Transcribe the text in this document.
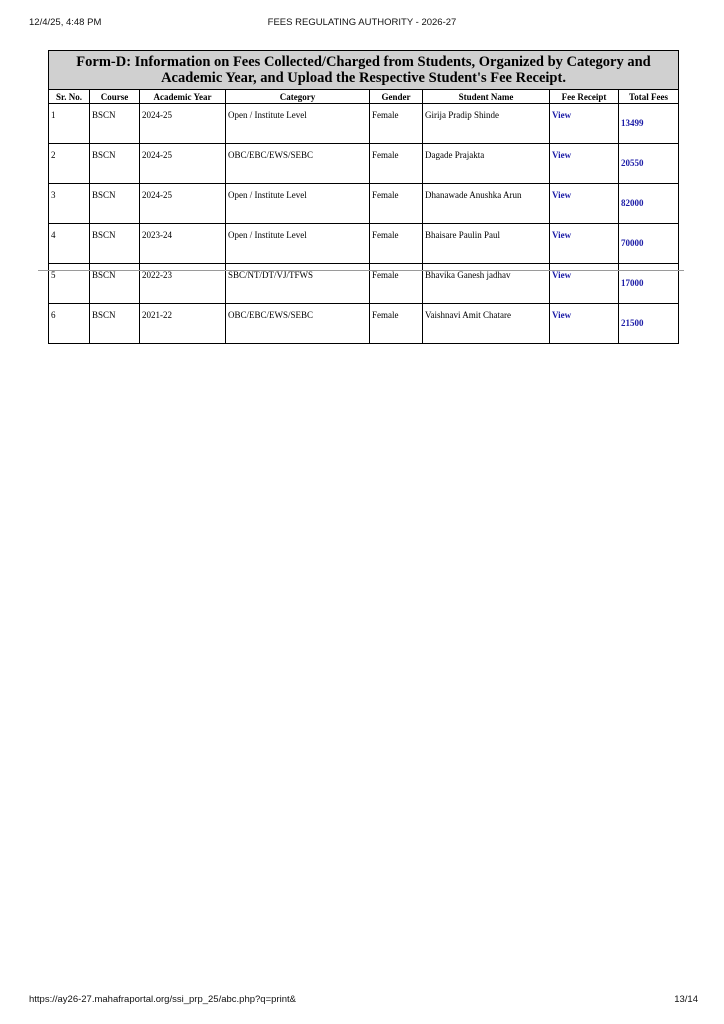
12/4/25, 4:48 PM	FEES REGULATING AUTHORITY - 2026-27
Form-D: Information on Fees Collected/Charged from Students, Organized by Category and Academic Year, and Upload the Respective Student's Fee Receipt.							
Sr. No.	Course	Academic Year	Category	Gender	Student Name	Fee Receipt	Total Fees
1	BSCN	2024-25	Open / Institute Level	Female	Girija Pradip Shinde	View	13499
2	BSCN	2024-25	OBC/EBC/EWS/SEBC	Female	Dagade Prajakta	View	20550
3	BSCN	2024-25	Open / Institute Level	Female	Dhanawade Anushka Arun	View	82000
4	BSCN	2023-24	Open / Institute Level	Female	Bhaisare Paulin Paul	View	70000
5	BSCN	2022-23	SBC/NT/DT/VJ/TFWS	Female	Bhavika Ganesh jadhav	View	17000
6	BSCN	2021-22	OBC/EBC/EWS/SEBC	Female	Vaishnavi Amit Chatare	View	21500
https://ay26-27.mahafraportal.org/ssi_prp_25/abc.php?q=print&	13/14
